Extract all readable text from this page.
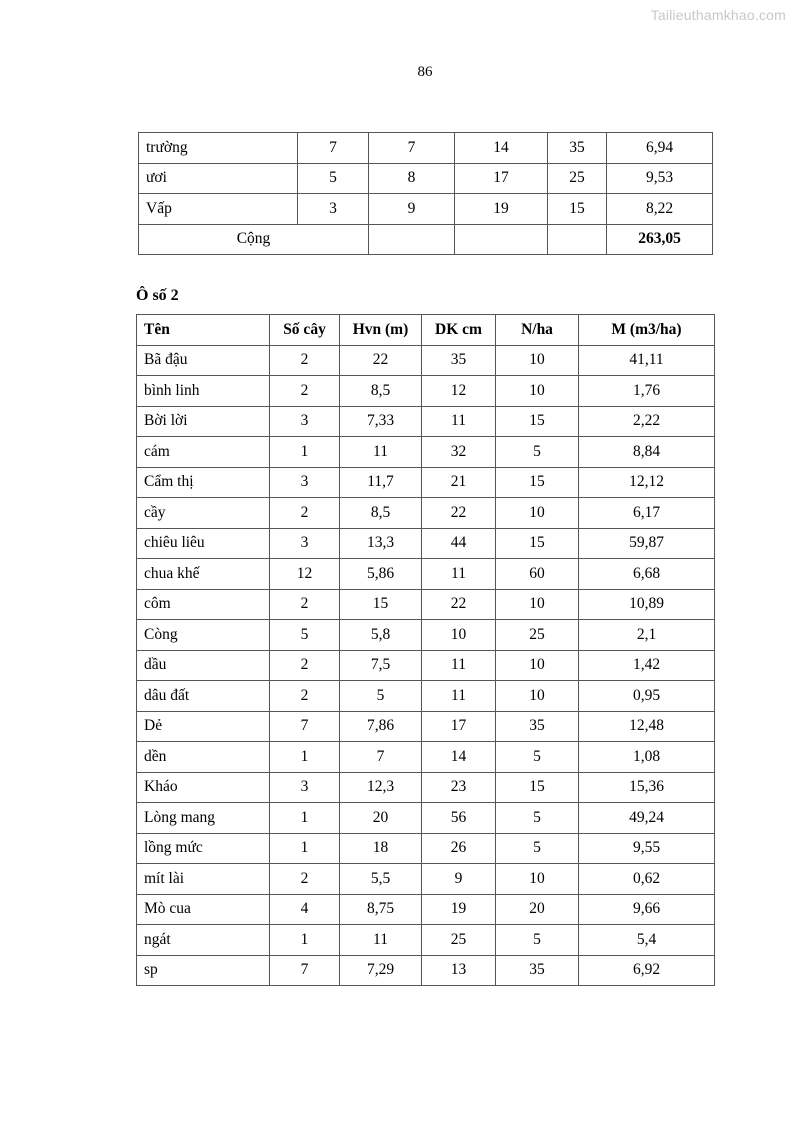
Tailieuthamkhao.com
86
trường	7	7	14	35	6,94
ươi	5	8	17	25	9,53
Vấp	3	9	19	15	8,22
Cộng					263,05
Ô số 2
Tên	Số cây	Hvn (m)	DK cm	N/ha	M (m3/ha)
Bã đậu	2	22	35	10	41,11
bình linh	2	8,5	12	10	1,76
Bời lời	3	7,33	11	15	2,22
cám	1	11	32	5	8,84
Cẩm thị	3	11,7	21	15	12,12
cầy	2	8,5	22	10	6,17
chiêu liêu	3	13,3	44	15	59,87
chua khế	12	5,86	11	60	6,68
côm	2	15	22	10	10,89
Còng	5	5,8	10	25	2,1
dầu	2	7,5	11	10	1,42
dâu đất	2	5	11	10	0,95
Dẻ	7	7,86	17	35	12,48
dền	1	7	14	5	1,08
Kháo	3	12,3	23	15	15,36
Lòng mang	1	20	56	5	49,24
lồng mức	1	18	26	5	9,55
mít lài	2	5,5	9	10	0,62
Mò cua	4	8,75	19	20	9,66
ngát	1	11	25	5	5,4
sp	7	7,29	13	35	6,92
